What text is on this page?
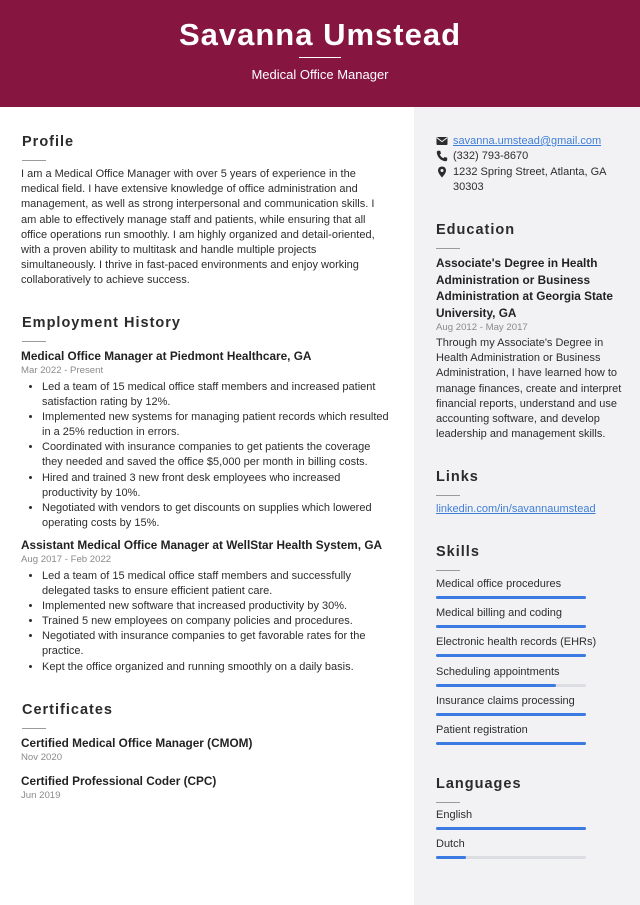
Savanna Umstead
Medical Office Manager
Profile
I am a Medical Office Manager with over 5 years of experience in the medical field. I have extensive knowledge of office administration and management, as well as strong interpersonal and communication skills. I am able to effectively manage staff and patients, while ensuring that all office operations run smoothly. I am highly organized and detail-oriented, with a proven ability to multitask and handle multiple projects simultaneously. I thrive in fast-paced environments and enjoy working collaboratively to achieve success.
Employment History
Medical Office Manager at Piedmont Healthcare, GA
Mar 2022 - Present
• Led a team of 15 medical office staff members and increased patient satisfaction rating by 12%.
• Implemented new systems for managing patient records which resulted in a 25% reduction in errors.
• Coordinated with insurance companies to get patients the coverage they needed and saved the office $5,000 per month in billing costs.
• Hired and trained 3 new front desk employees who increased productivity by 10%.
• Negotiated with vendors to get discounts on supplies which lowered operating costs by 15%.
Assistant Medical Office Manager at WellStar Health System, GA
Aug 2017 - Feb 2022
• Led a team of 15 medical office staff members and successfully delegated tasks to ensure efficient patient care.
• Implemented new software that increased productivity by 30%.
• Trained 5 new employees on company policies and procedures.
• Negotiated with insurance companies to get favorable rates for the practice.
• Kept the office organized and running smoothly on a daily basis.
Certificates
Certified Medical Office Manager (CMOM)
Nov 2020
Certified Professional Coder (CPC)
Jun 2019
savanna.umstead@gmail.com
(332) 793-8670
1232 Spring Street, Atlanta, GA 30303
Education
Associate's Degree in Health Administration or Business Administration at Georgia State University, GA
Aug 2012 - May 2017
Through my Associate's Degree in Health Administration or Business Administration, I have learned how to manage finances, create and interpret financial reports, understand and use accounting software, and develop leadership and management skills.
Links
linkedin.com/in/savannaumstead
Skills
Medical office procedures
Medical billing and coding
Electronic health records (EHRs)
Scheduling appointments
Insurance claims processing
Patient registration
Languages
English
Dutch
